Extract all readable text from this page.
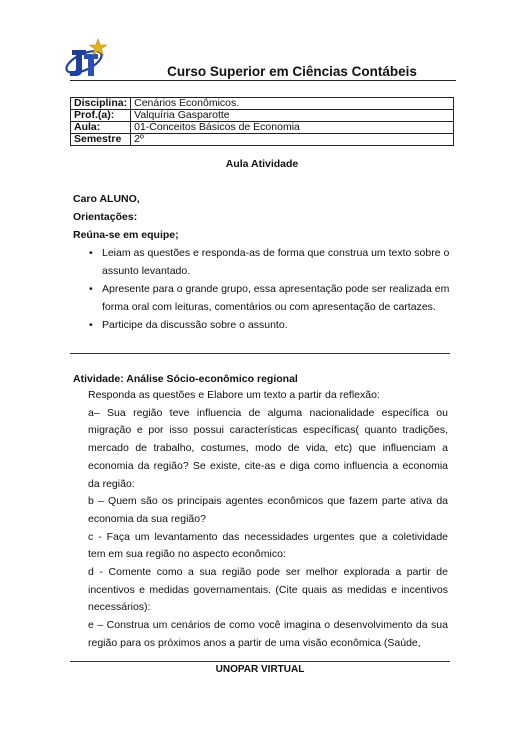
Curso Superior em Ciências Contábeis
Disciplina:	Cenários Econômicos.
Prof.(a):	Valquíria Gasparotte
Aula:	01-Conceitos Básicos de Economia
Semestre	2º
Aula Atividade
Caro ALUNO,
Orientações:
Reúna-se em equipe;
• Leiam as questões e responda-as de forma que construa um texto sobre o assunto levantado.
• Apresente para o grande grupo, essa apresentação pode ser realizada em forma oral com leituras, comentários ou com apresentação de cartazes.
• Participe da discussão sobre o assunto.
Atividade: Análise Sócio-econômico regional

Responda as questões e Elabore um texto a partir da reflexão:

a– Sua região teve influencia de alguma nacionalidade específica ou migração e por isso possui características específicas( quanto tradições, mercado de trabalho, costumes, modo de vida, etc) que influenciam a economia da região? Se existe, cite-as e diga como influencia a economia da região:

b – Quem são os principais agentes econômicos que fazem parte ativa da economia da sua região?

c - Faça um levantamento das necessidades urgentes que a coletividade tem em sua região no aspecto econômico:

d - Comente como a sua região pode ser melhor explorada a partir de incentivos e medidas governamentais. (Cite quais as medidas e incentivos necessários):

e – Construa um cenários de como você imagina o desenvolvimento da sua região para os próximos anos a partir de uma visão econômica (Saúde,

UNOPAR VIRTUAL
